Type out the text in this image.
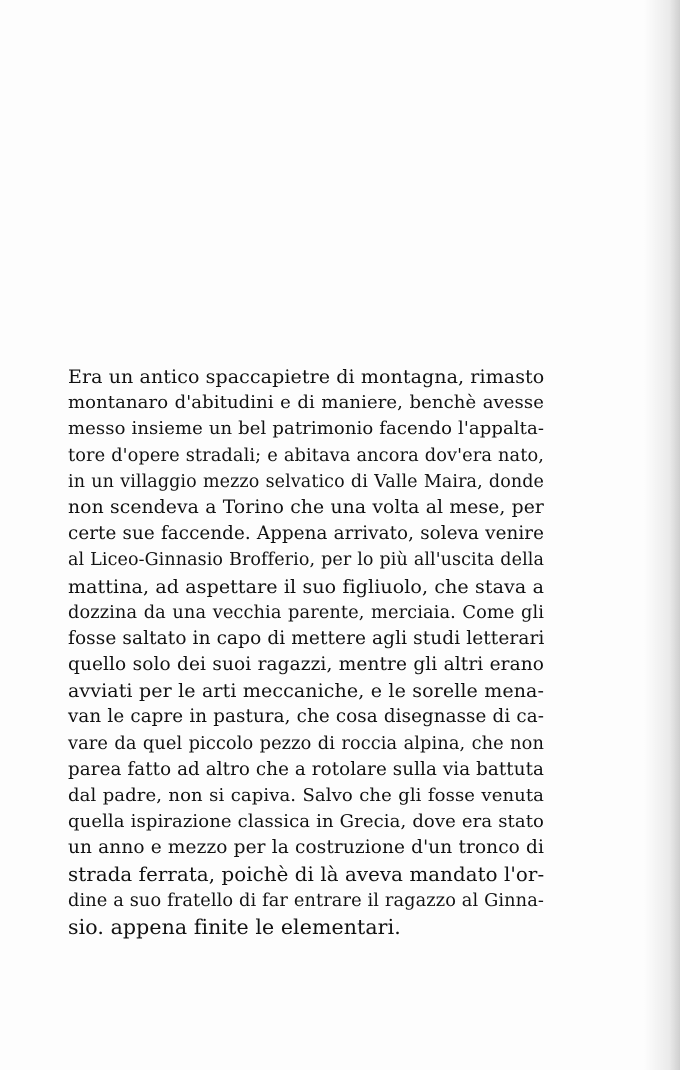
Era un antico spaccapietre di montagna, rimasto
montanaro d'abitudini e di maniere, benchè avesse
messo insieme un bel patrimonio facendo l'appalta-
tore d'opere stradali; e abitava ancora dov'era nato,
in un villaggio mezzo selvatico di Valle Maira, donde
non scendeva a Torino che una volta al mese, per
certe sue faccende. Appena arrivato, soleva venire
al Liceo-Ginnasio Brofferio, per lo più all'uscita della
mattina, ad aspettare il suo figliuolo, che stava a
dozzina da una vecchia parente, merciaia. Come gli
fosse saltato in capo di mettere agli studi letterari
quello solo dei suoi ragazzi, mentre gli altri erano
avviati per le arti meccaniche, e le sorelle mena-
van le capre in pastura, che cosa disegnasse di ca-
vare da quel piccolo pezzo di roccia alpina, che non
parea fatto ad altro che a rotolare sulla via battuta
dal padre, non si capiva. Salvo che gli fosse venuta
quella ispirazione classica in Grecia, dove era stato
un anno e mezzo per la costruzione d'un tronco di
strada ferrata, poichè di là aveva mandato l'or-
dine a suo fratello di far entrare il ragazzo al Ginna-
sio. appena finite le elementari.
